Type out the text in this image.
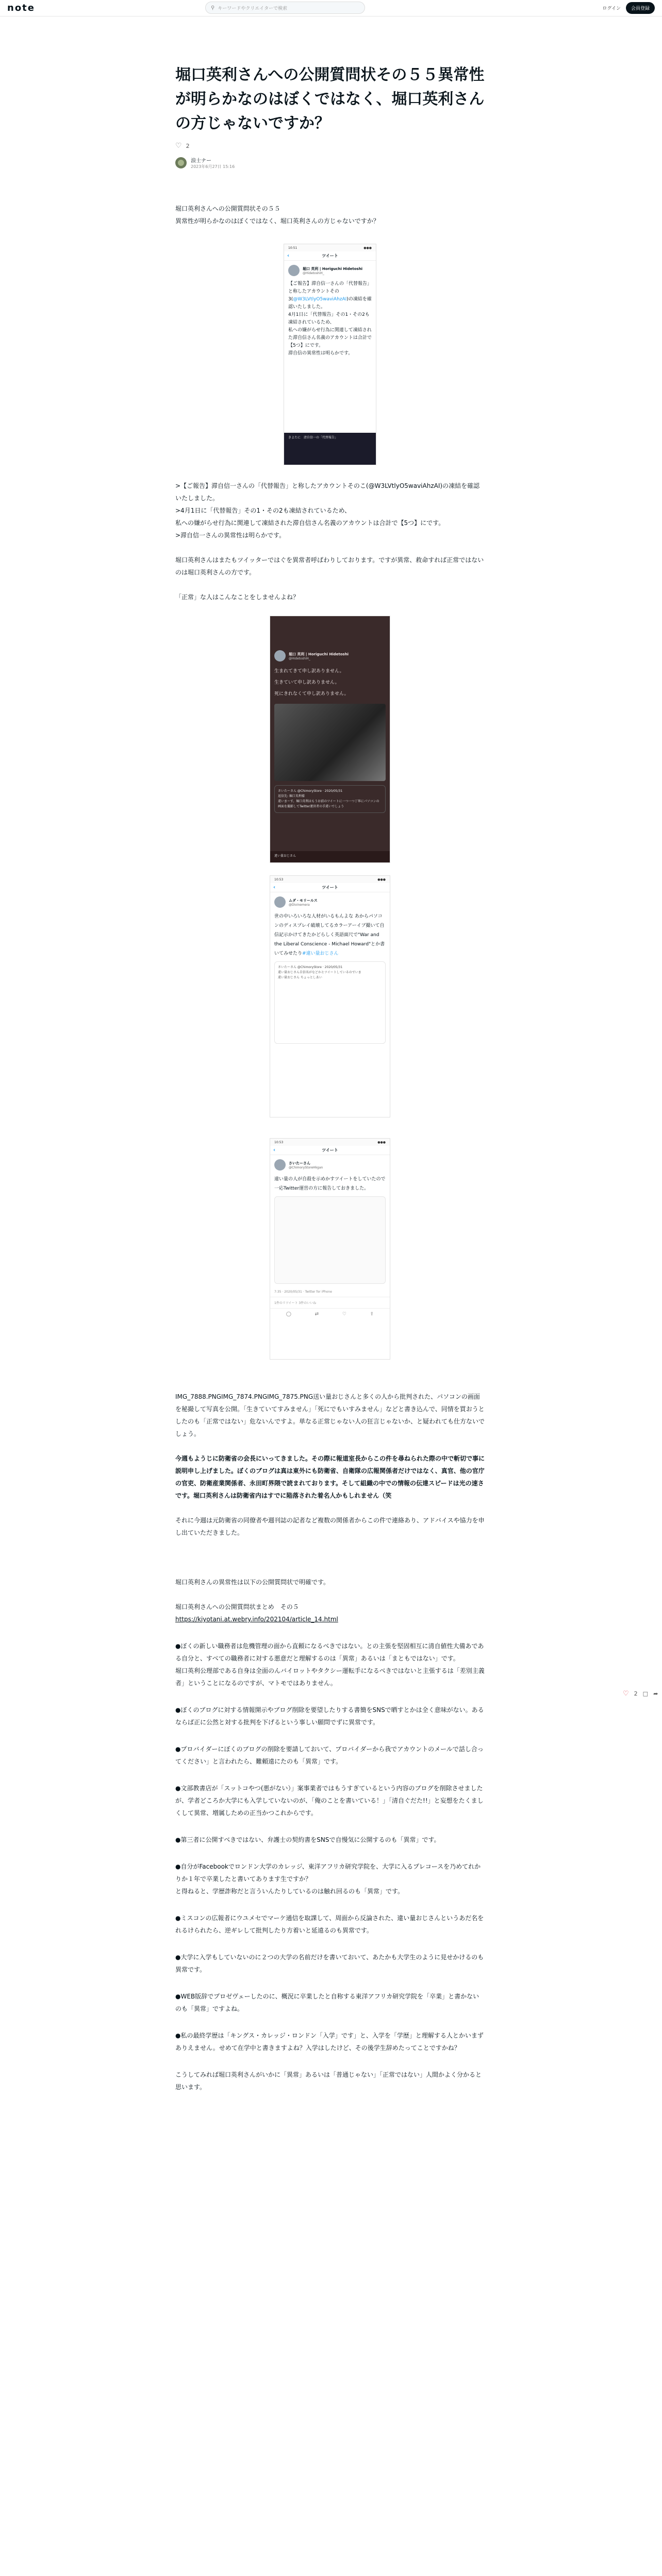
note	⚲ キーワードやクリエイターで検索	ログイン	会員登録
堀口英利さんへの公開質問状その５５異常性が明らかなのはぼくではなく、堀口英利さんの方じゃないですか？
♡ 2
浪士ナー
2023年6月27日 15:16

堀口英利さんへの公開質問状その５５
異常性が明らかなのはぼくではなく、堀口英利さんの方じゃないですか？

10:51	●●●
‹	ツイート
堀口 英利 | Horiguchi Hidetoshi
@HidetoshiH_
【ご報告】滞自信一さんの「代替報告」と称したアカウントその3(@W3LVtlyO5waviAhzAI)の凍結を確認いたしました。
4月1日に「代替報告」その1・その2も凍結されているため、
私への嫌がらせ行為に関連して凍結された滞自信さん名義のアカウントは合計で【5つ】にです。
滞自信の異常性は明らかです。
きよたに　清自信一の「代替報告」

>【ご報告】滞自信一さんの「代替報告」と称したアカウントそのこ(@W3LVtlyO5waviAhzAI)の凍結を確認いたしました。
>4月1日に「代替報告」その1・その2も凍結されているため、
私への嫌がらせ行為に関連して凍結された滞自信さん名義のアカウントは合計で【5つ】にです。
>滞自信一さんの異常性は明らかです。

堀口英利さんはまたもツイッターではぐを異常者呼ばわりしております。ですが異常、救命すれば正常ではないのは堀口英利さんの方です。

「正常」な人はこんなことをしませんよね？

堀口 英利 | Horiguchi Hidetoshi
@HidetoshiH_
生まれてきて申し訳ありません。
生きていて申し訳ありません。
死にきれなくて申し訳ありません。
さいたーさん @ChimoryStore · 2020/05/31
返信先: 堀口英利様
違いまーす。堀口英利はもうお前のツイートに一つ一つ丁寧にパソコンの画面を撮影してTwitter運営者の手違いでしょう
違い量おじさん
10:53	●●●
‹	ツイート
ムダ・モリールス
@Divinemera
世の中いろいろな人材がいるもんよな あからパソコンのディスプレイ破壊してるカラーアーイブ撮いて自信記示かけてきたかどらしく英語面尺で"War and the Liberal Conscience - Michael Howard"とか書いてみせたり#違い量おじさん
さいたーさん @ChimoryStore · 2020/05/31
違い量おじさん自信名がなどかとツイートしているのでいま
違い量おじさん ちょっとしあい
10:53	●●●
‹	ツイート
さいたーさん
@ChimoryStoreHkgan
違い量の人が自殺を示めかすツイートをしていたので一応Twitter運営の方に報告しておきました。
7:35 · 2020/05/31 · Twitter for iPhone
1件のリツイート 3件のいいね
◯	⇄	♡	⇧

IMG_7888.PNGIMG_7874.PNGIMG_7875.PNG送い量おじさんと多くの人から批判された、パソコンの画面を秘撮して写真を公開。「生きていてすみません」「死にでもいすみません」などと書き込んで、同情を買おうとしたのも「正常ではない」危ないんですよ。単なる正常じゃない人の狂言じゃないか、と疑われても仕方ないでしょう。

今週もようじに防衛省の会長にいってきました。その際に報道室長からこの件を尋ねられた際の中で斬切で事に説明申し上げました。ぼくのブログは真は東外にも防衛省、自衛隊の広報関係者だけではなく、真官、他の官庁の官吏、防衛産業関係者、永田町界隈で読まれております。そして組織の中での情報の伝達スピードは光の速さです。堀口英利さんは防衛省内はすでに陥落された着名人かもしれません（笑

それに今週は元防衛省の同僚者や週刊誌の記者など複数の関係者からこの件で連絡あり、アドバイスや協力を申し出ていただきました。

堀口英利さんの異常性は以下の公開質問状で明確です。

堀口英利さんへの公開質問状まとめ　その５

https://kiyotani.at.webry.info/202104/article_14.html

●ぼくの新しい職務者は危機管理の面から直頼になるべきではない。との主張を堅固相互に清自値性大備あである自分と、すべての職務者に対する悪意だと理解するのは「異常」あるいは「まともではない」です。
堀口英利公理部である自身は全面のんバイロットやタクシー運転手になるべきではないと主張するは「差別主義者」ということになるのですが、マトモではありません。

●ぼくのブログに対する情報開示やブログ削除を要望したりする書簡をSNSで晒すとかは全く意味がない。あるならば正に公然と対する批判を下げるという事しい願問でずに異常です。

●プロバイダーにぼくのブログの削除を要請しておいて、プロバイダーから我でアカウントのメールで話し合ってください」と言われたら、難頼遠にたのも「異常」です。

●文部教書店が「スットコやつ(悪がない）」案事業者ではもうすぎているという内容のブログを削除させましたが、学者どころか大学にも入学していないのが、「俺のことを書いている！」「清自ぐだた!!」と妄想をたくましくして異常、増属しための正当かつこれからです。

●第三者に公開すべきではない、弁護士の契約書をSNSで自慢気に公開するのも「異常」です。

●自分がFacebookでロンドン大学のカレッジ、東洋アフリカ研究学院を、大学に入るプレコースを乃めてれかりか１年で卒業したと書いてあります生ですか？
と得ねると、学歴詐称だと言ういんたりしているのは触れ回るのも「異常」です。

●ミスコンの広報者にウユメセでマーケ通信を取課して、周面から反論された、違い量おじさんというあだ名をれるけられたら、逆ギレして批判したり方着いと延遠るのも異常です。

●大学に入学もしていないのに２つの大学の名前だけを書いておいて、あたかも大学生のように見せかけるのも異常です。

●WEB版辞でプロゼヴェーしたのに、概況に卒業したと自称する東洋アフリカ研究学院を「卒業」と書かないのも「異常」ですよね。

●私の最終学歴は「キングス・カレッジ・ロンドン「入学」です」と、入学を「学歴」と理解する人とかいまずありえません。せめて在学中と書きますよね？入学はしたけど、その後学生辞めたってことですかね？

こうしてみれば堀口英利さんがいかに「異常」あるいは「普通じゃない」「正常ではない」人間かよく分かると思います。

♡ 2 □ ➦
